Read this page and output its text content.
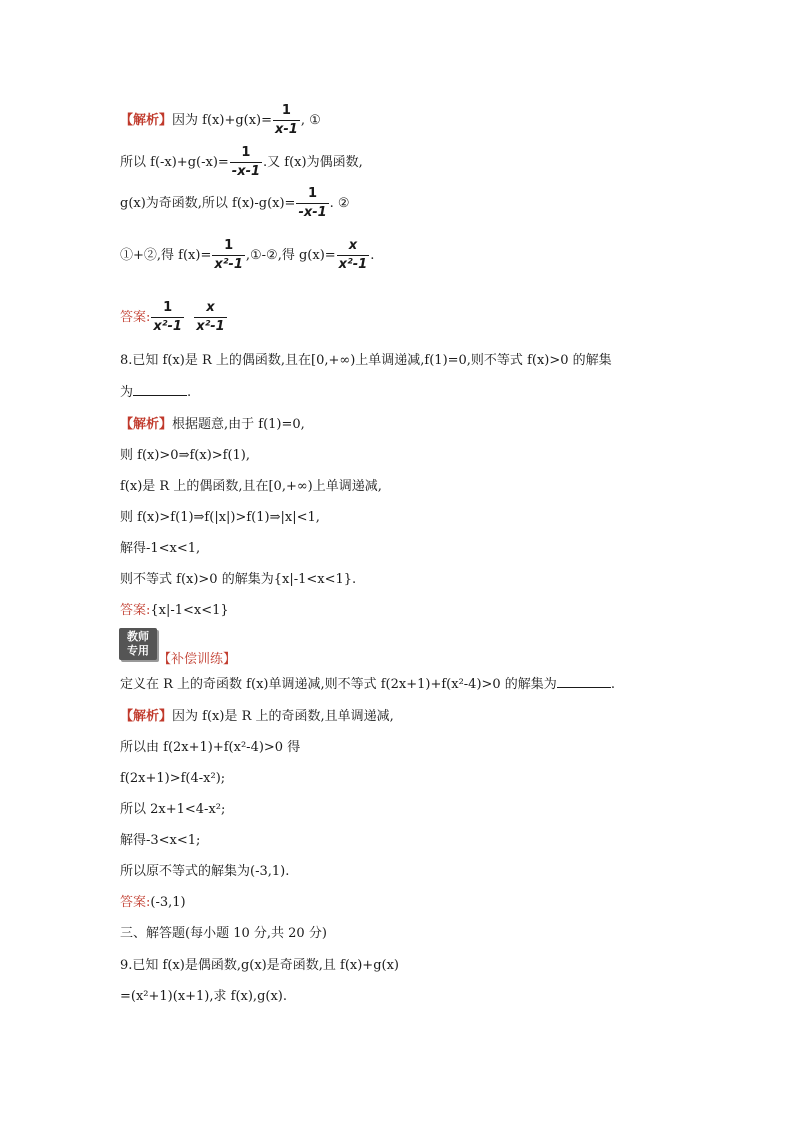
【解析】因为 $f(x)+g(x)= \frac{1}{x-1}$ , ①
所以 $f(-x)+g(-x)= \frac{1}{-x-1}$ .又 f(x)为偶函数,
g(x)为奇函数,所以 $f(x)-g(x)= \frac{1}{-x-1}$ . ②
①+②,得 $f(x)= \frac{1}{\text{x²-1}}$ ,①-②,得 $g(x)= \frac{x}{\text{x²-1}}$ .
答案: $\frac{1}{\text{x²-1}}$
$\frac{x}{\text{x²-1}}$
8.已知 f(x)是 R 上的偶函数,且在[0,+∞)上单调递减,f(1)=0,则不等式 f(x)>0 的解集
为	.
【解析】根据题意,由于 f(1)=0,
则 f(x)>0⇒f(x)>f(1),
f(x)是 R 上的偶函数,且在[0,+∞)上单调递减,
则 f(x)>f(1)⇒f(|x|)>f(1)⇒|x|<1,
解得-1<x<1,
则不等式 f(x)>0 的解集为{x|-1<x<1}.
答案:{x|-1<x<1}
教师
专用
【补偿训练】
定义在 R 上的奇函数 f(x)单调递减,则不等式 f(2x+1)+f(x²-4)>0 的解集为	.
【解析】因为 f(x)是 R 上的奇函数,且单调递减,
所以由 f(2x+1)+f(x²-4)>0 得
f(2x+1)>f(4-x²);
所以 2x+1<4-x²;
解得-3<x<1;
所以原不等式的解集为(-3,1).
答案:(-3,1)
三、解答题(每小题 10 分,共 20 分)
9.已知 f(x)是偶函数,g(x)是奇函数,且 f(x)+g(x)
=(x²+1)(x+1),求 f(x),g(x).
